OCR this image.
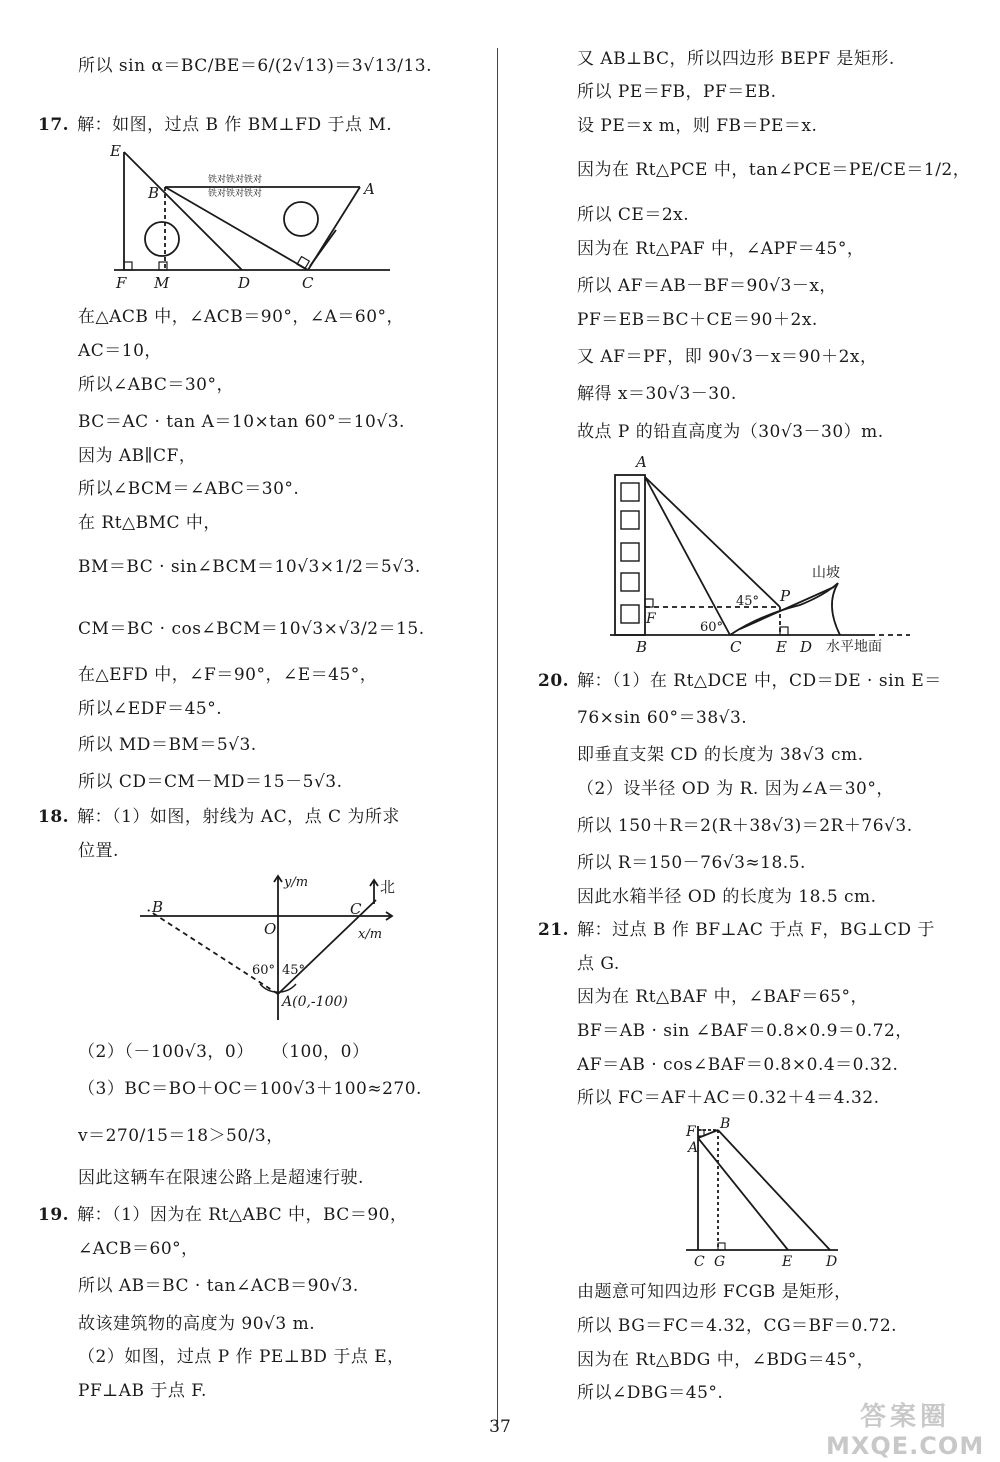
所以 sin α＝BC/BE＝6/(2√13)＝3√13/13.
17. 解：如图，过点 B 作 BM⊥FD 于点 M.
在△ACB 中，∠ACB＝90°，∠A＝60°，
AC＝10，
所以∠ABC＝30°，
BC＝AC · tan A＝10×tan 60°＝10√3.
因为 AB∥CF，
所以∠BCM＝∠ABC＝30°.
在 Rt△BMC 中，
BM＝BC · sin∠BCM＝10√3×1/2＝5√3.
CM＝BC · cos∠BCM＝10√3×√3/2＝15.
在△EFD 中，∠F＝90°，∠E＝45°，
所以∠EDF＝45°.
所以 MD＝BM＝5√3.
所以 CD＝CM－MD＝15－5√3.
18. 解：（1）如图，射线为 AC，点 C 为所求
位置.
（2）（－100√3，0）　　（100，0）
（3）BC＝BO＋OC＝100√3＋100≈270.
v＝270/15＝18＞50/3，
因此这辆车在限速公路上是超速行驶.
19. 解：（1）因为在 Rt△ABC 中，BC＝90，
∠ACB＝60°，
所以 AB＝BC · tan∠ACB＝90√3.
故该建筑物的高度为 90√3 m.
（2）如图，过点 P 作 PE⊥BD 于点 E，
PF⊥AB 于点 F.
又 AB⊥BC，所以四边形 BEPF 是矩形.
所以 PE＝FB，PF＝EB.
设 PE＝x m，则 FB＝PE＝x.
因为在 Rt△PCE 中，tan∠PCE＝PE/CE＝1/2，
所以 CE＝2x.
因为在 Rt△PAF 中，∠APF＝45°，
所以 AF＝AB－BF＝90√3－x，
PF＝EB＝BC＋CE＝90＋2x.
又 AF＝PF，即 90√3－x＝90＋2x，
解得 x＝30√3－30.
故点 P 的铅直高度为（30√3－30）m.
20. 解：（1）在 Rt△DCE 中，CD＝DE · sin E＝
76×sin 60°＝38√3.
即垂直支架 CD 的长度为 38√3 cm.
（2）设半径 OD 为 R. 因为∠A＝30°，
所以 150＋R＝2(R＋38√3)＝2R＋76√3.
所以 R＝150－76√3≈18.5.
因此水箱半径 OD 的长度为 18.5 cm.
21. 解：过点 B 作 BF⊥AC 于点 F，BG⊥CD 于
点 G.
因为在 Rt△BAF 中，∠BAF＝65°，
BF＝AB · sin ∠BAF＝0.8×0.9＝0.72，
AF＝AB · cos∠BAF＝0.8×0.4＝0.32.
所以 FC＝AF＋AC＝0.32＋4＝4.32.
由题意可知四边形 FCGB 是矩形，
所以 BG＝FC＝4.32，CG＝BF＝0.72.
因为在 Rt△BDG 中，∠BDG＝45°，
所以∠DBG＝45°.
E
B	A
F M	D	C
铁对铁对铁对
铁对铁对铁对
B
O
C
A(0,-100)
y/m
x/m
北
60° 45°
A
B
F
C E D
P
45°
60°
山坡
水平地面
F
A
B
C G	E D
37	答案圈
MXQE.COM
